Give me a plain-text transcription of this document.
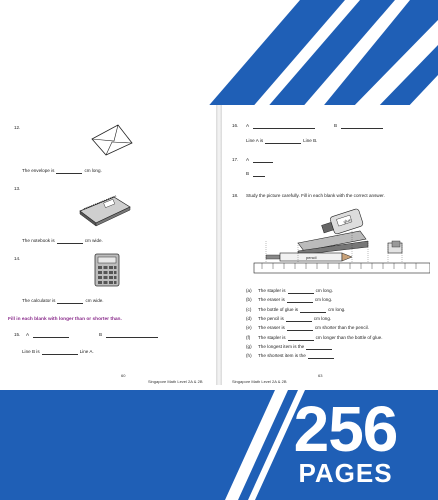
12.
The envelope is	cm long.
13.
The notebook is	cm wide.
14.
The calculator is	cm wide.
Fill in each blank with longer than or shorter than.
15. A	B
Line B is	Line A.
60
Singapore Math Level 2A & 2B
16. A	B
Line A is	Line B.
17. A
B
18. Study the picture carefully. Fill in each blank with the correct answer.
glue
pencil
(a) The stapler is	cm long.
(b) The eraser is	cm long.
(c) The bottle of glue is	cm long.
(d) The pencil is	cm long.
(e) The eraser is	cm shorter than the pencil.
(f) The stapler is	cm longer than the bottle of glue.
(g) The longest item is the
(h) The shortest item is the
Singapore Math Level 2A & 2B
63
256
PAGES
